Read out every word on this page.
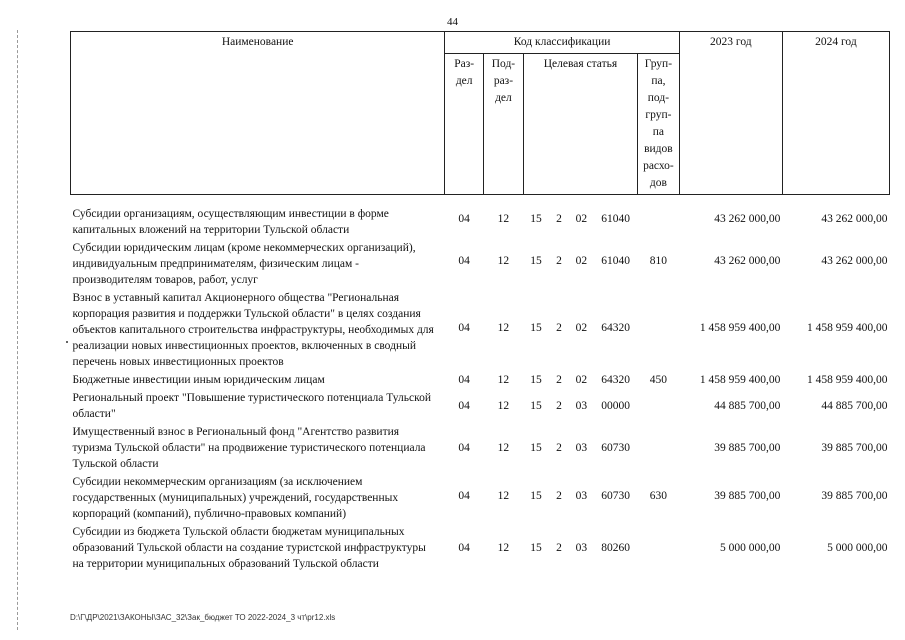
44
Наименование	Код классификации							2023 год	2024 год
	Раз-дел	Под-раз-дел	Целевая статья				Груп-па, под-груп-па видов расхо-дов		

Субсидии организациям, осуществляющим инвестиции в форме капитальных вложений на территории Тульской области	04	12	15	2	02	61040		43 262 000,00	43 262 000,00
Субсидии юридическим лицам (кроме некоммерческих организаций), индивидуальным предпринимателям, физическим лицам - производителям товаров, работ, услуг	04	12	15	2	02	61040	810	43 262 000,00	43 262 000,00
Взнос в уставный капитал Акционерного общества "Региональная корпорация развития и поддержки Тульской области" в целях создания объектов капитального строительства инфраструктуры, необходимых для реализации новых инвестиционных проектов, включенных в сводный перечень новых инвестиционных проектов	04	12	15	2	02	64320		1 458 959 400,00	1 458 959 400,00
Бюджетные инвестиции иным юридическим лицам	04	12	15	2	02	64320	450	1 458 959 400,00	1 458 959 400,00
Региональный проект "Повышение туристического потенциала Тульской области"	04	12	15	2	03	00000		44 885 700,00	44 885 700,00
Имущественный взнос в Региональный фонд "Агентство развития туризма Тульской области" на продвижение туристического потенциала Тульской области	04	12	15	2	03	60730		39 885 700,00	39 885 700,00
Субсидии некоммерческим организациям (за исключением государственных (муниципальных) учреждений, государственных корпораций (компаний), публично-правовых компаний)	04	12	15	2	03	60730	630	39 885 700,00	39 885 700,00
Субсидии из бюджета Тульской области бюджетам муниципальных образований Тульской области на создание туристской инфраструктуры на территории муниципальных образований Тульской области	04	12	15	2	03	80260		5 000 000,00	5 000 000,00
D:\Г\ДР\2021\ЗАКОНЫ\ЗАС_32\Зак_бюджет ТО 2022-2024_3 чт\pr12.xls
